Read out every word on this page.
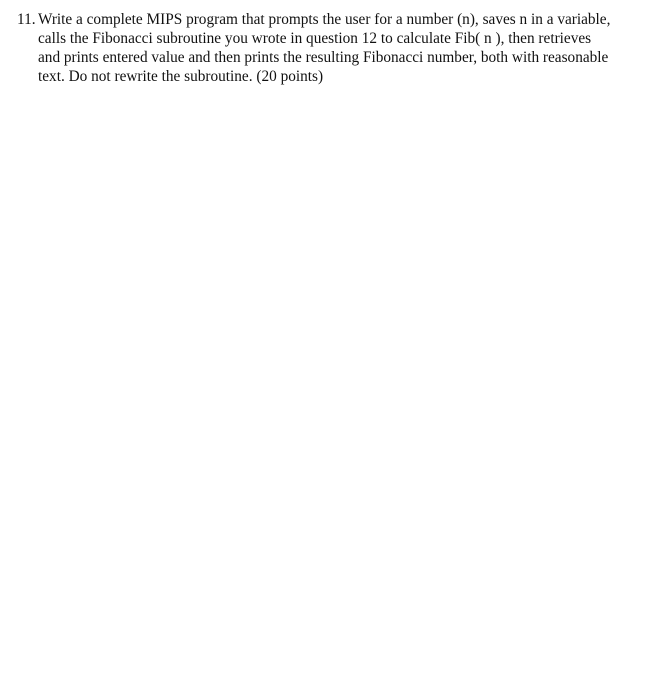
11. Write a complete MIPS program that prompts the user for a number (n), saves n in a variable,
calls the Fibonacci subroutine you wrote in question 12 to calculate Fib( n ), then retrieves
and prints entered value and then prints the resulting Fibonacci number, both with reasonable
text. Do not rewrite the subroutine. (20 points)
